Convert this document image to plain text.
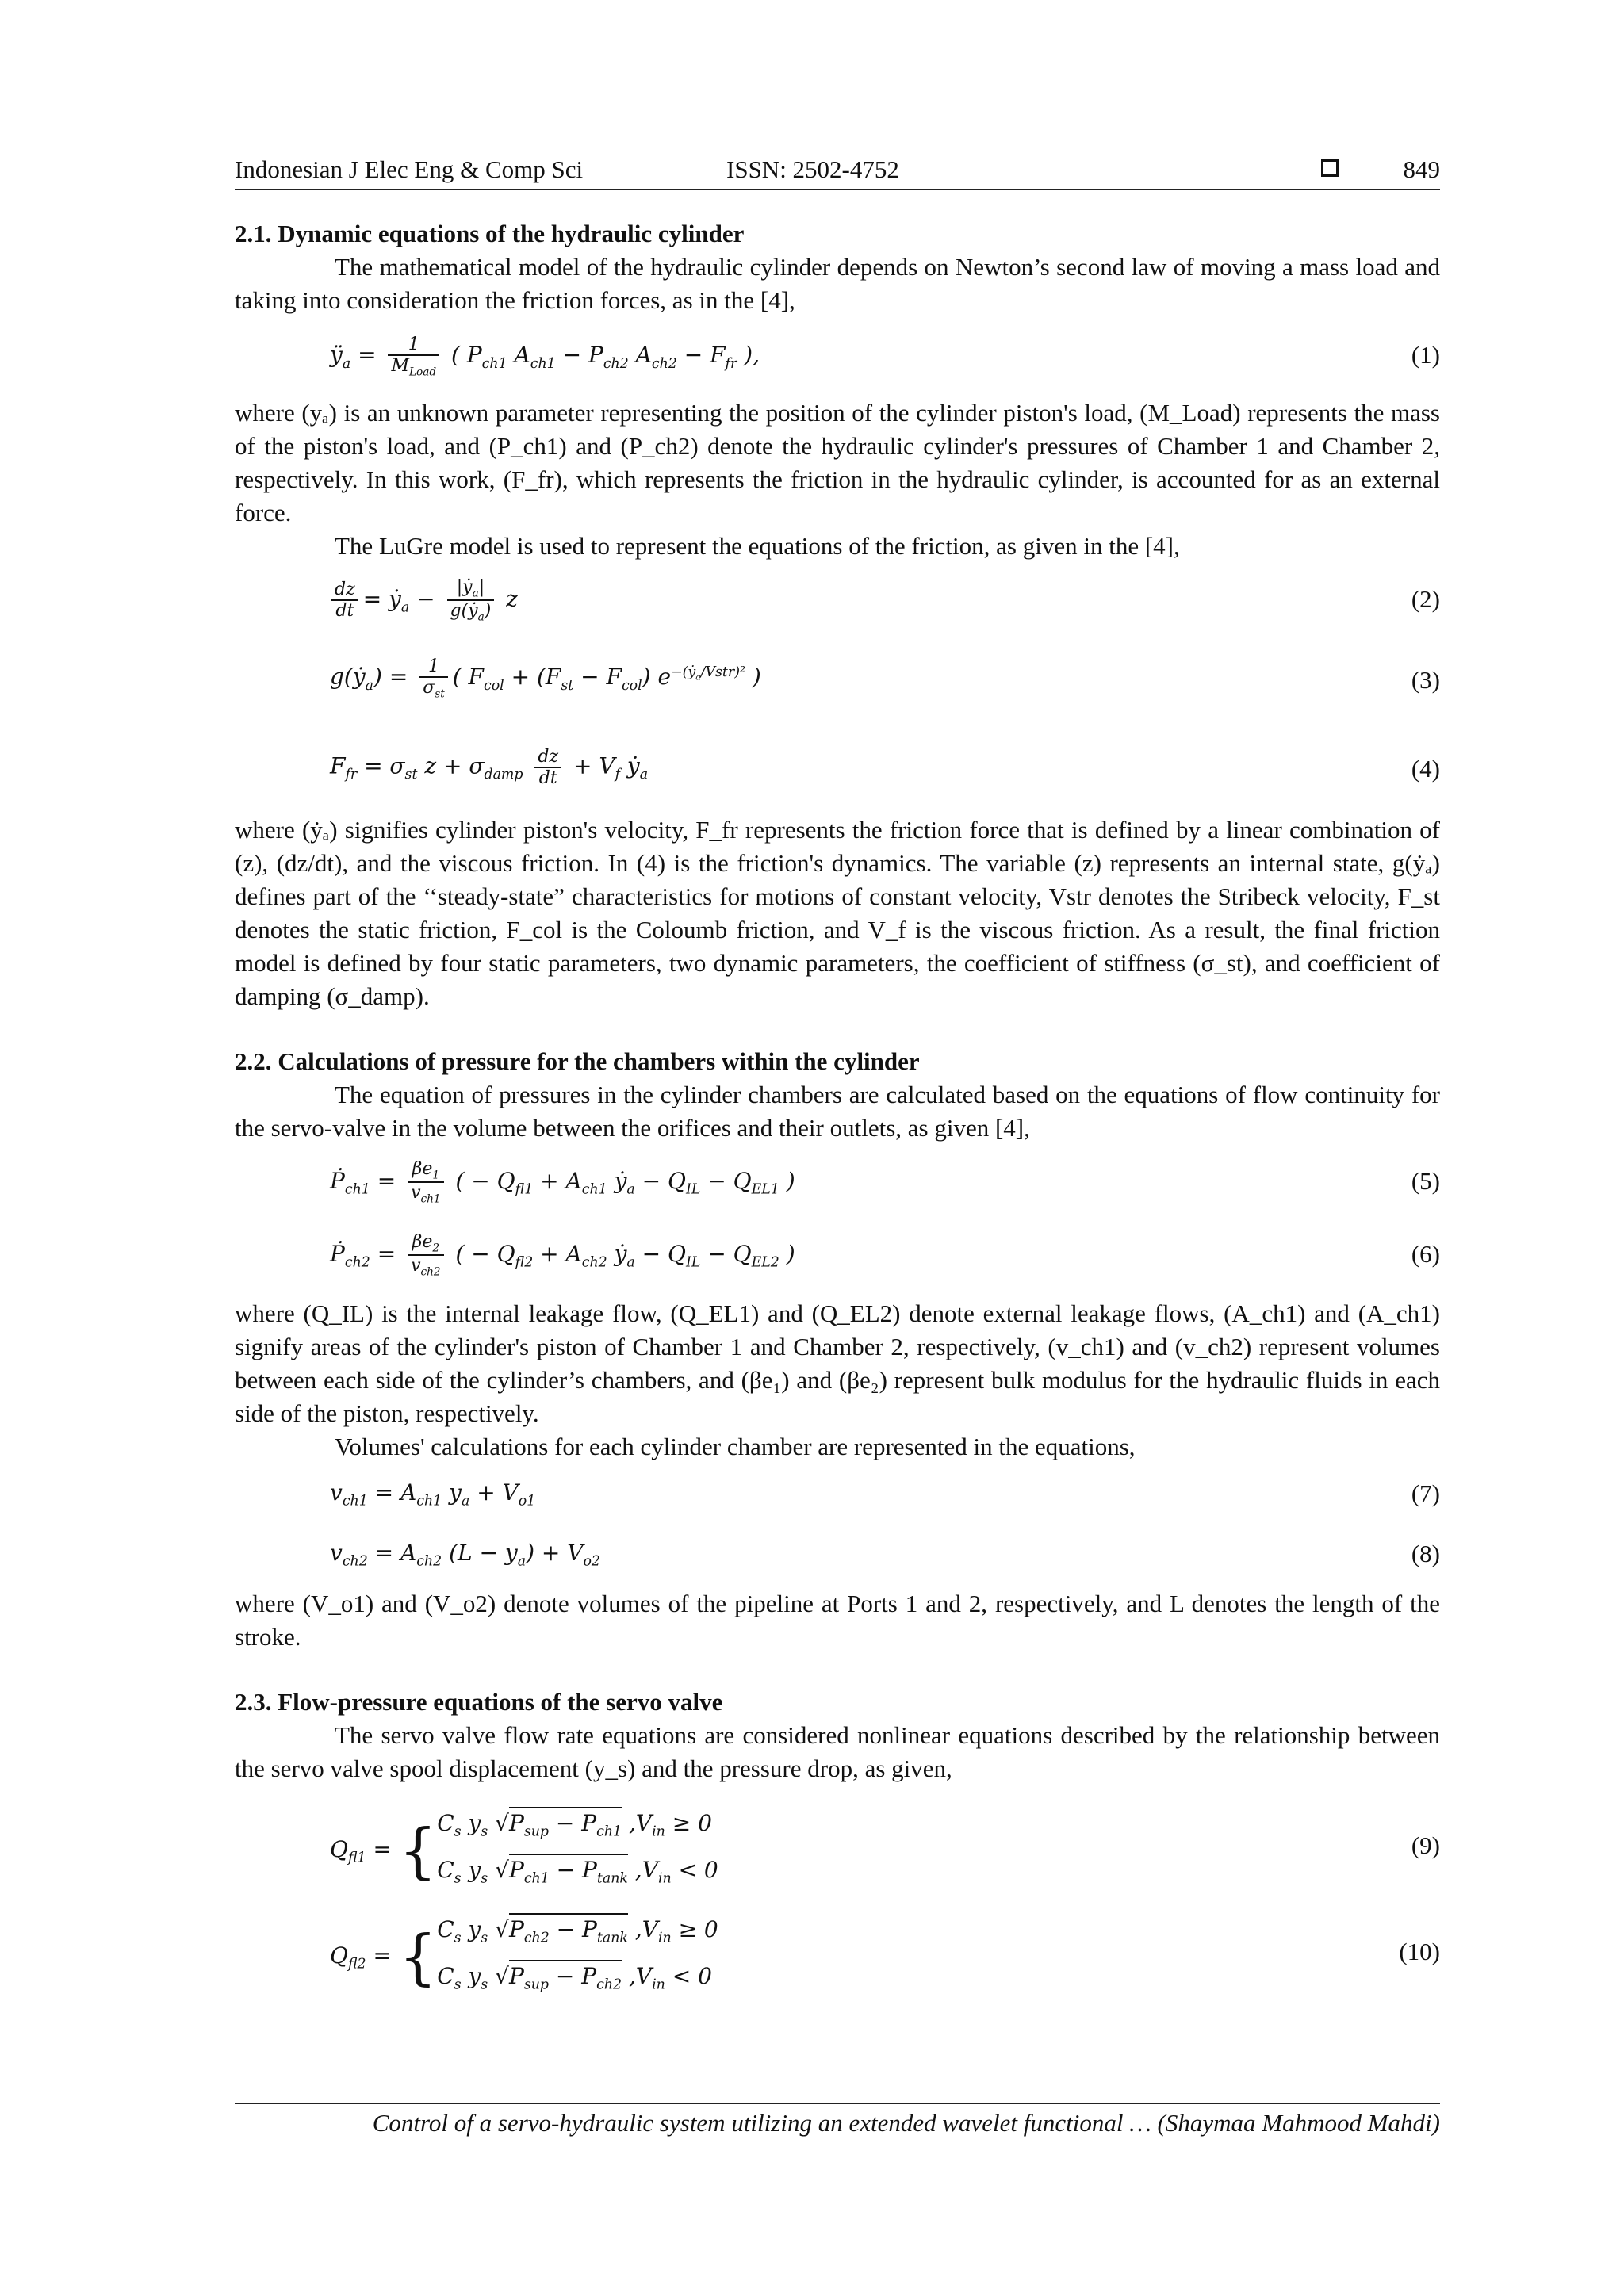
Indonesian J Elec Eng & Comp Sci	ISSN: 2502-4752	849

2.1. Dynamic equations of the hydraulic cylinder

The mathematical model of the hydraulic cylinder depends on Newton’s second law of moving a mass load and taking into consideration the friction forces, as in the [4],

$ÿ_a = \frac{1}{M_{Load}}$ ( $P_{ch1}$ $A_{ch1} - P_{ch2}$ $A_{ch2} - F_{fr}$ ),	(1)

where (yₐ) is an unknown parameter representing the position of the cylinder piston's load, (M_Load) represents the mass of the piston's load, and (P_ch1) and (P_ch2) denote the hydraulic cylinder's pressures of Chamber 1 and Chamber 2, respectively. In this work, (F_fr), which represents the friction in the hydraulic cylinder, is accounted for as an external force.

The LuGre model is used to represent the equations of the friction, as given in the [4],

$\frac{dz}{dt}$ = ẏ$_a$ − $\frac{|ẏ_a|}{g(ẏ_a)}$ z	(2)
g(ẏ$_a$) = $\frac{1}{\sigma_{st}}$ ( $F_{col} + (F_{st} - F_{col})$ $e^{-(ẏ_a/Vstr)^2}$ )	(3)
$F_{fr} = \sigma_{st}$ $z + \sigma_{damp} \frac{dz}{dt} + V_f$ ẏ$_a$	(4)

where (ẏₐ) signifies cylinder piston's velocity, F_fr represents the friction force that is defined by a linear combination of (z), (dz/dt), and the viscous friction. In (4) is the friction's dynamics. The variable (z) represents an internal state, g(ẏₐ) defines part of the ‘‘steady-state” characteristics for motions of constant velocity, Vstr denotes the Stribeck velocity, F_st denotes the static friction, F_col is the Coloumb friction, and V_f is the viscous friction. As a result, the final friction model is defined by four static parameters, two dynamic parameters, the coefficient of stiffness (σ_st), and coefficient of damping (σ_damp).

2.2. Calculations of pressure for the chambers within the cylinder

The equation of pressures in the cylinder chambers are calculated based on the equations of flow continuity for the servo-valve in the volume between the orifices and their outlets, as given [4],

Ṗ$_{ch1}$ = $\frac{\beta e_1}{v_{ch1}}$ ( − $Q_{fl1} + A_{ch1}$ ẏ$_a$ − $Q_{IL} - Q_{EL1}$ )	(5)
Ṗ$_{ch2}$ = $\frac{\beta e_2}{v_{ch2}}$ ( − $Q_{fl2} + A_{ch2}$ ẏ$_a$ − $Q_{IL} - Q_{EL2}$ )	(6)

where (Q_IL) is the internal leakage flow, (Q_EL1) and (Q_EL2) denote external leakage flows, (A_ch1) and (A_ch1) signify areas of the cylinder's piston of Chamber 1 and Chamber 2, respectively, (v_ch1) and (v_ch2) represent volumes between each side of the cylinder’s chambers, and (βe₁) and (βe₂) represent bulk modulus for the hydraulic fluids in each side of the piston, respectively.

Volumes' calculations for each cylinder chamber are represented in the equations,

$v_{ch1} = A_{ch1}$ $y_a + V_{o1}$	(7)
$v_{ch2} = A_{ch2}$ $(L - y_a) + V_{o2}$	(8)

where (V_o1) and (V_o2) denote volumes of the pipeline at Ports 1 and 2, respectively, and L denotes the length of the stroke.

2.3. Flow-pressure equations of the servo valve

The servo valve flow rate equations are considered nonlinear equations described by the relationship between the servo valve spool displacement (y_s) and the pressure drop, as given,

$Q_{fl1} = \{C_s$ $y_s$ $√P_{sup} - P_{ch1}$ $,V_{in} \ge 0$
$C_s$ $y_s$ $√P_{ch1} - P_{tank}$ $,V_{in} < 0$
(9)
$Q_{fl2} = \{C_s$ $y_s$ $√P_{ch2} - P_{tank}$ $,V_{in} \ge 0$
$C_s$ $y_s$ $√P_{sup} - P_{ch2}$ $,V_{in} < 0$
(10)
Control of a servo-hydraulic system utilizing an extended wavelet functional … (Shaymaa Mahmood Mahdi)
